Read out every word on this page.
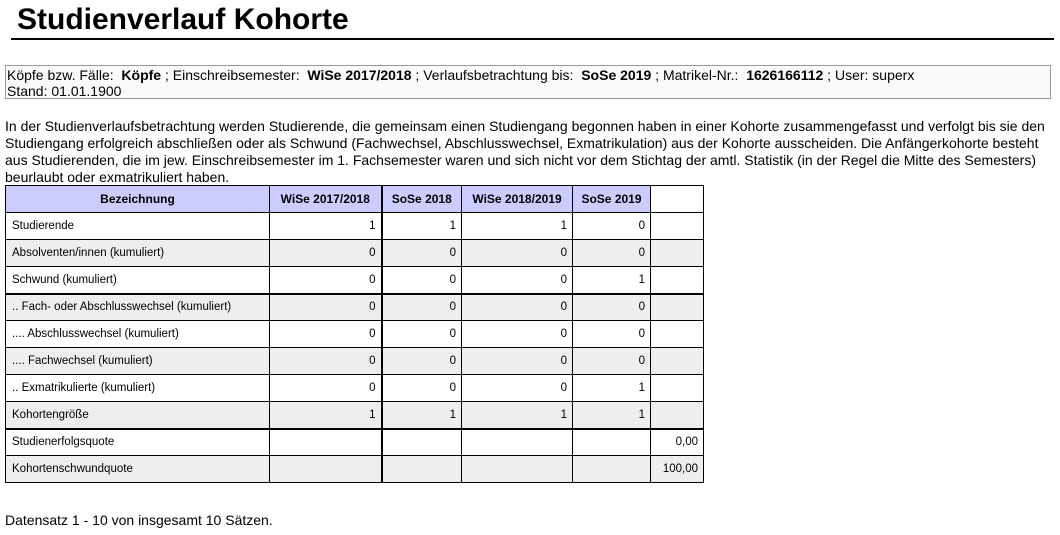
Studienverlauf Kohorte
Köpfe bzw. Fälle: Köpfe ; Einschreibsemester: WiSe 2017/2018 ; Verlaufsbetrachtung bis: SoSe 2019 ; Matrikel-Nr.: 1626166112 ; User: superx
Stand: 01.01.1900

In der Studienverlaufsbetrachtung werden Studierende, die gemeinsam einen Studiengang begonnen haben in einer Kohorte zusammengefasst und verfolgt bis sie den Studiengang erfolgreich abschließen oder als Schwund (Fachwechsel, Abschlusswechsel, Exmatrikulation) aus der Kohorte ausscheiden. Die Anfängerkohorte besteht aus Studierenden, die im jew. Einschreibsemester im 1. Fachsemester waren und sich nicht vor dem Stichtag der amtl. Statistik (in der Regel die Mitte des Semesters) beurlaubt oder exmatrikuliert haben.

Bezeichnung	WiSe 2017/2018	SoSe 2018	WiSe 2018/2019	SoSe 2019	
Studierende	1	1	1	0	
Absolventen/innen (kumuliert)	0	0	0	0	
Schwund (kumuliert)	0	0	0	1	
.. Fach- oder Abschlusswechsel (kumuliert)	0	0	0	0	
.... Abschlusswechsel (kumuliert)	0	0	0	0	
.... Fachwechsel (kumuliert)	0	0	0	0	
.. Exmatrikulierte (kumuliert)	0	0	0	1	
Kohortengröße	1	1	1	1	
Studienerfolgsquote					0,00
Kohortenschwundquote					100,00
Datensatz 1 - 10 von insgesamt 10 Sätzen.
